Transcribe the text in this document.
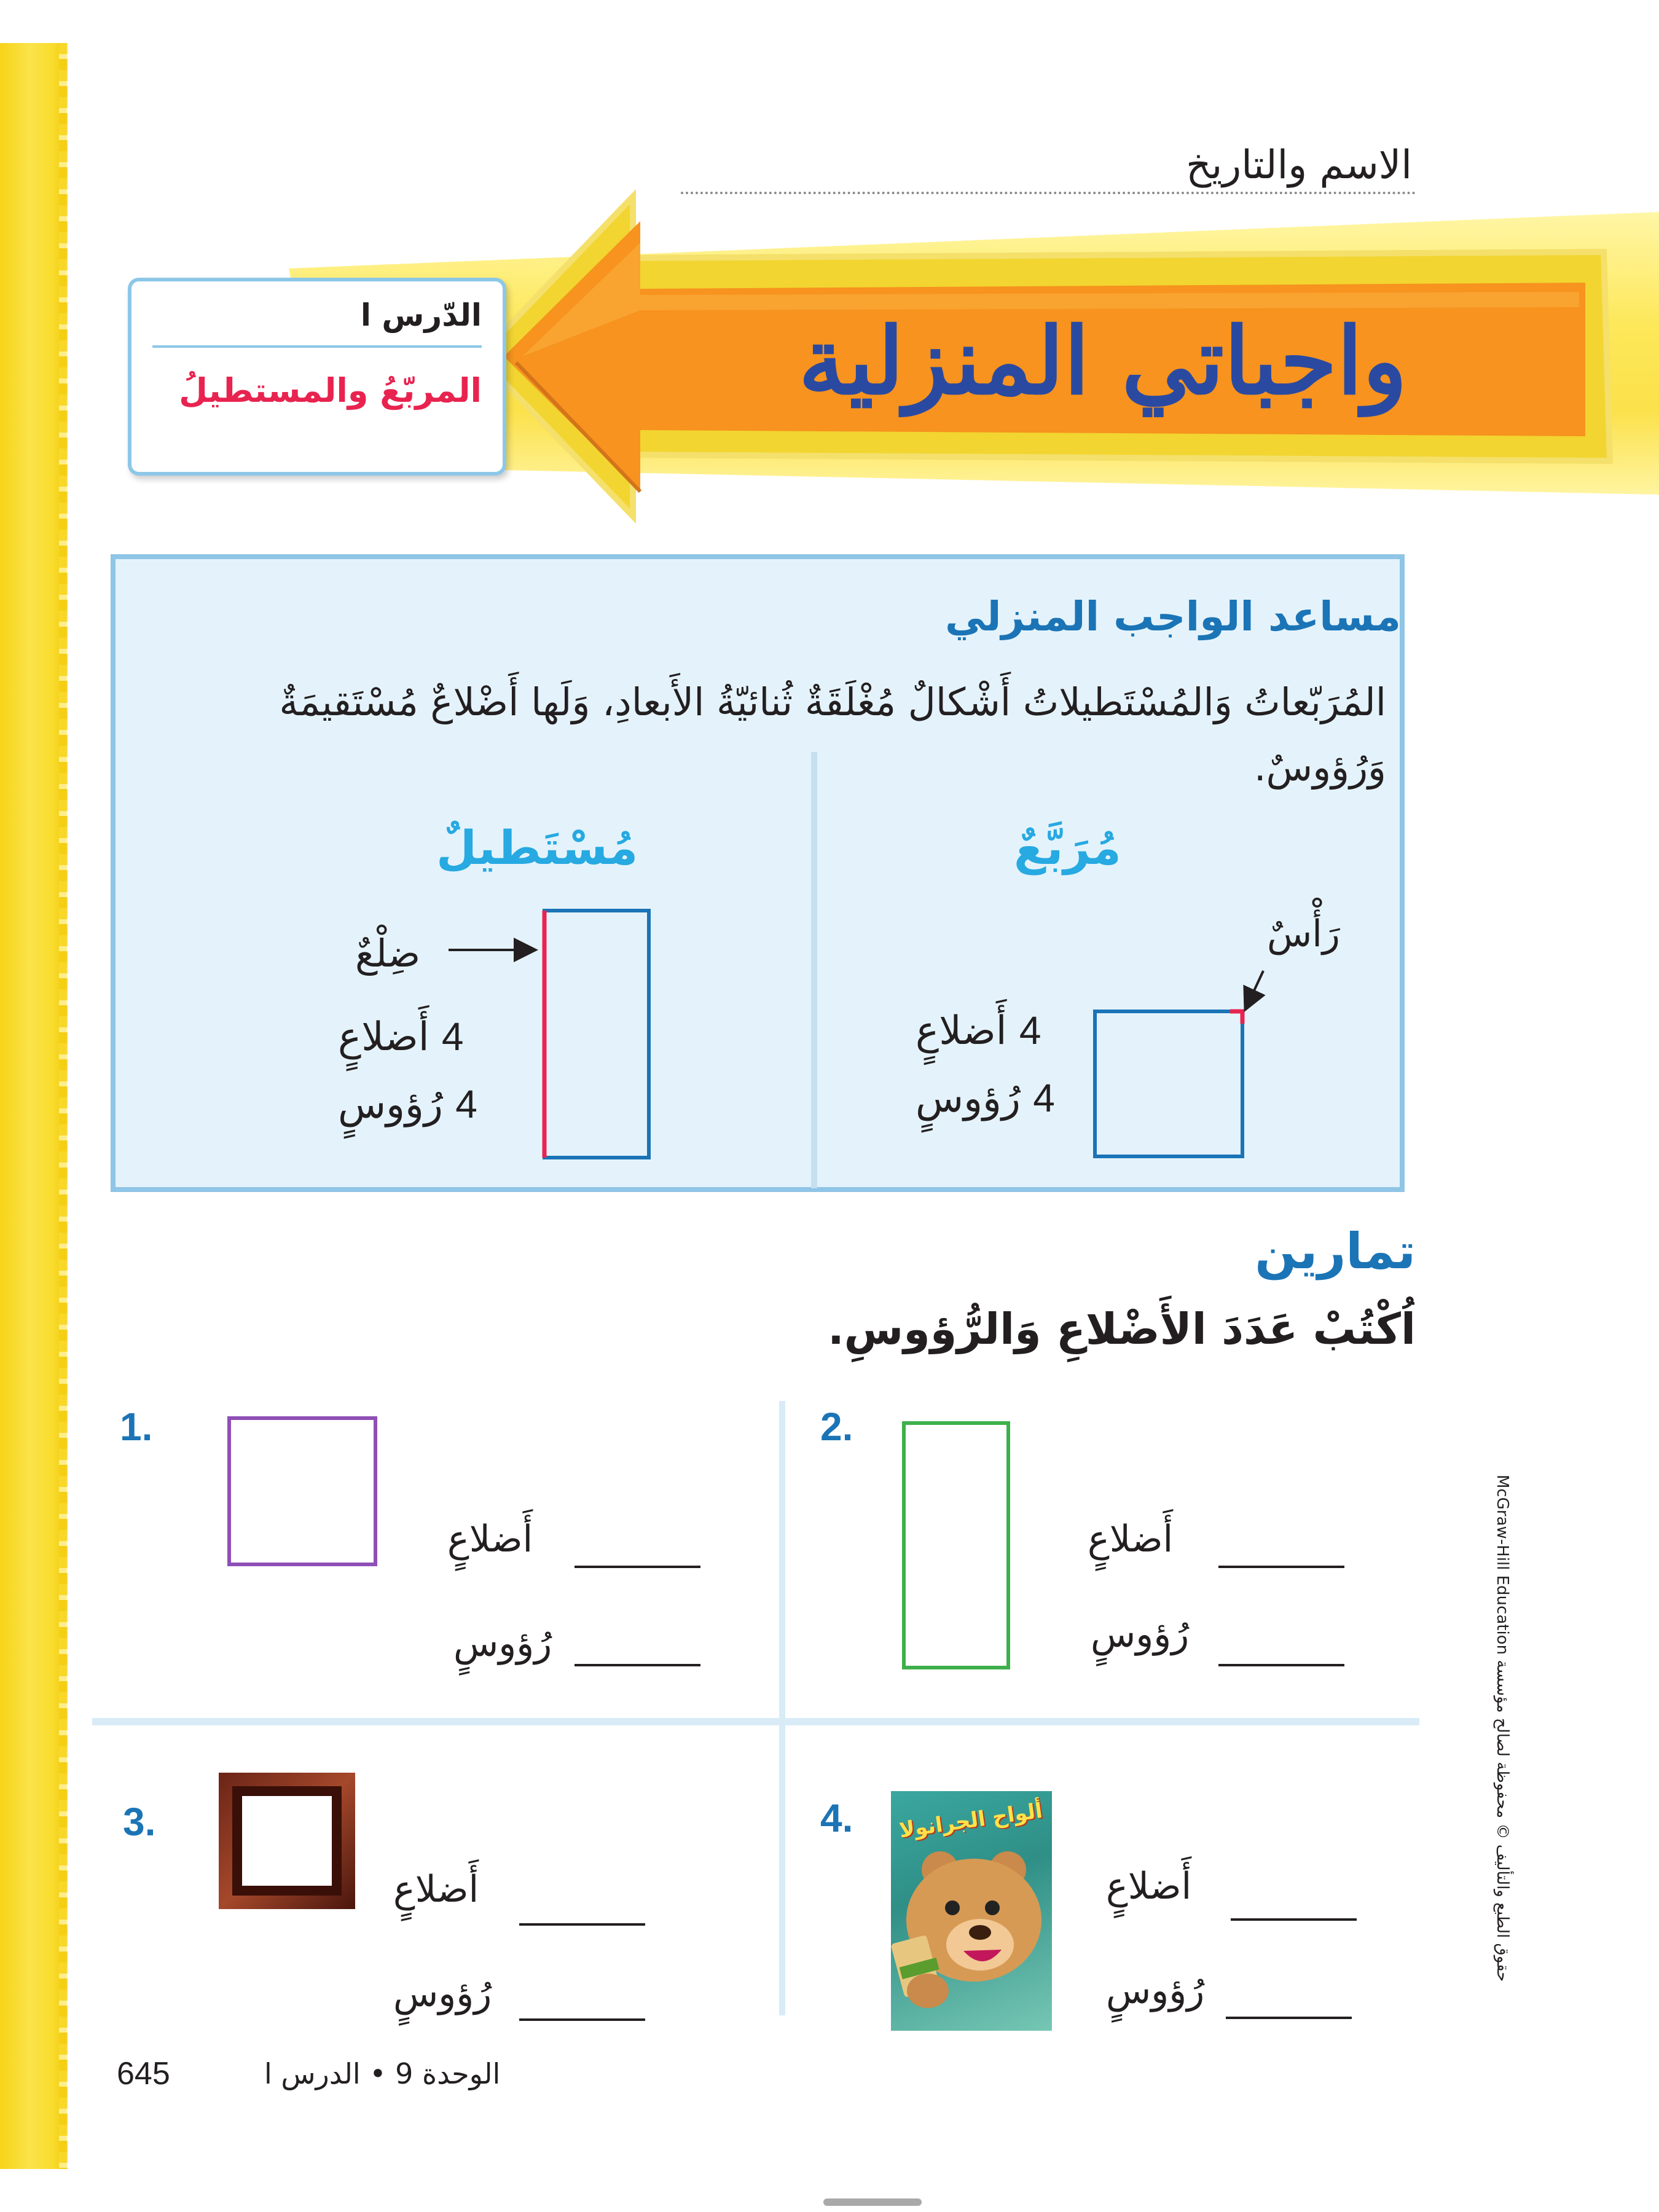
الاسم والتاريخ
واجباتي المنزلية
الدّرس ا
المربّعُ والمستطيلُ
مساعد الواجب المنزلي
المُرَبّعاتُ وَالمُسْتَطيلاتُ أَشْكالٌ مُغْلَقَةٌ ثُنائيّةُ الأَبعادِ، وَلَها أَضْلاعٌ مُسْتَقيمَةٌ وَرُؤوسٌ.
مُرَبَّعٌ
رَأْسٌ
4 أَضلاعٍ
4 رُؤوسٍ
مُسْتَطيلٌ
ضِلْعٌ
4 أَضلاعٍ
4 رُؤوسٍ
تمارين
اُكْتُبْ عَدَدَ الأَضْلاعِ وَالرُّؤوسِ.
1.
أَضلاعٍ
رُؤوسٍ
2.
أَضلاعٍ
رُؤوسٍ
3.
أَضلاعٍ
رُؤوسٍ
4. ألواح الجرانولا
أَضلاعٍ
رُؤوسٍ
645	الوحدة 9 • الدرس ا
McGraw-Hill Education حقوق الطبع والتأليف © محفوظة لصالح مؤسسة
